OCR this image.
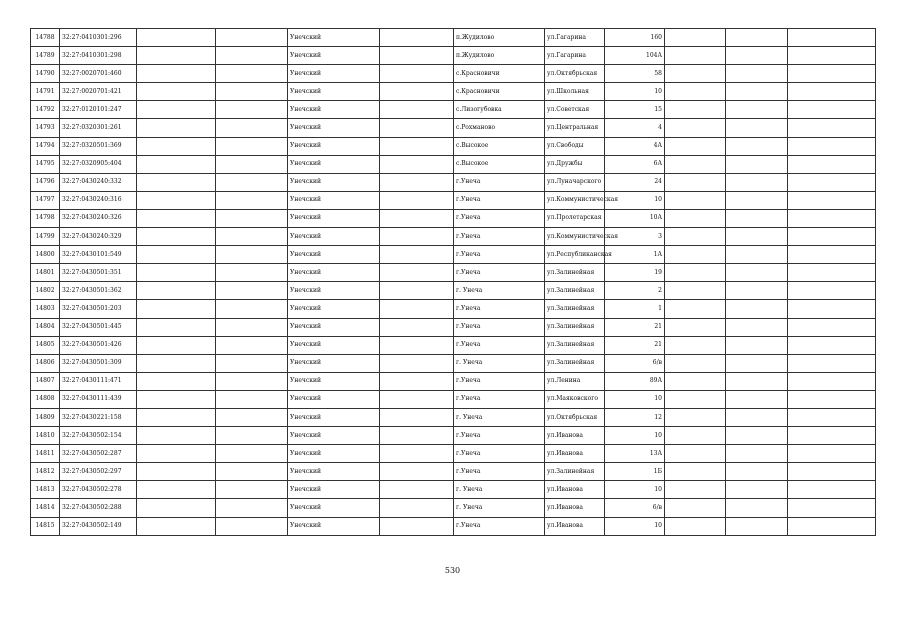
14788	32:27:0410301:296			Унечский		п.Жудилово	ул.Гагарина	160			
14789	32:27:0410301:298			Унечский		п.Жудилово	ул.Гагарина	104А			
14790	32:27:0020701:460			Унечский		с.Красновичи	ул.Октябрьская	58			
14791	32:27:0020701:421			Унечский		с.Красновичи	ул.Школьная	10			
14792	32:27:0120101:247			Унечский		с.Лизогубовка	ул.Советская	15			
14793	32:27:0320301:261			Унечский		с.Рохманово	ул.Центральная	4			
14794	32:27:0320501:369			Унечский		с.Высокое	ул.Свободы	4А			
14795	32:27:0320905:404			Унечский		с.Высокое	ул.Дружбы	6А			
14796	32:27:0430240:332			Унечский		г.Унеча	ул.Луначарского	24			
14797	32:27:0430240:316			Унечский		г.Унеча	ул.Коммунистическая	10			
14798	32:27:0430240:326			Унечский		г.Унеча	ул.Пролетарская	10А			
14799	32:27:0430240:329			Унечский		г.Унеча	ул.Коммунистическая	3			
14800	32:27:0430101:549			Унечский		г.Унеча	ул.Республиканская	1А			
14801	32:27:0430501:351			Унечский		г.Унеча	ул.Залинейная	19			
14802	32:27:0430501:362			Унечский		г. Унеча	ул.Залинейная	2			
14803	32:27:0430501:203			Унечский		г.Унеча	ул.Залинейная	1			
14804	32:27:0430501:445			Унечский		г.Унеча	ул.Залинейная	21			
14805	32:27:0430501:426			Унечский		г.Унеча	ул.Залинейная	21			
14806	32:27:0430501:309			Унечский		г. Унеча	ул.Залинейная	6/в			
14807	32:27:0430111:471			Унечский		г.Унеча	ул.Ленина	89А			
14808	32:27:0430111:439			Унечский		г.Унеча	ул.Маяковского	10			
14809	32:27:0430221:158			Унечский		г. Унеча	ул.Октябрьская	12			
14810	32:27:0430502:154			Унечский		г.Унеча	ул.Иванова	10			
14811	32:27:0430502:287			Унечский		г.Унеча	ул.Иванова	13А			
14812	32:27:0430502:297			Унечский		г.Унеча	ул.Залинейная	1Б			
14813	32:27:0430502:278			Унечский		г. Унеча	ул.Иванова	10			
14814	32:27:0430502:288			Унечский		г. Унеча	ул.Иванова	6/в			
14815	32:27:0430502:149			Унечский		г.Унеча	ул.Иванова	10			
530
